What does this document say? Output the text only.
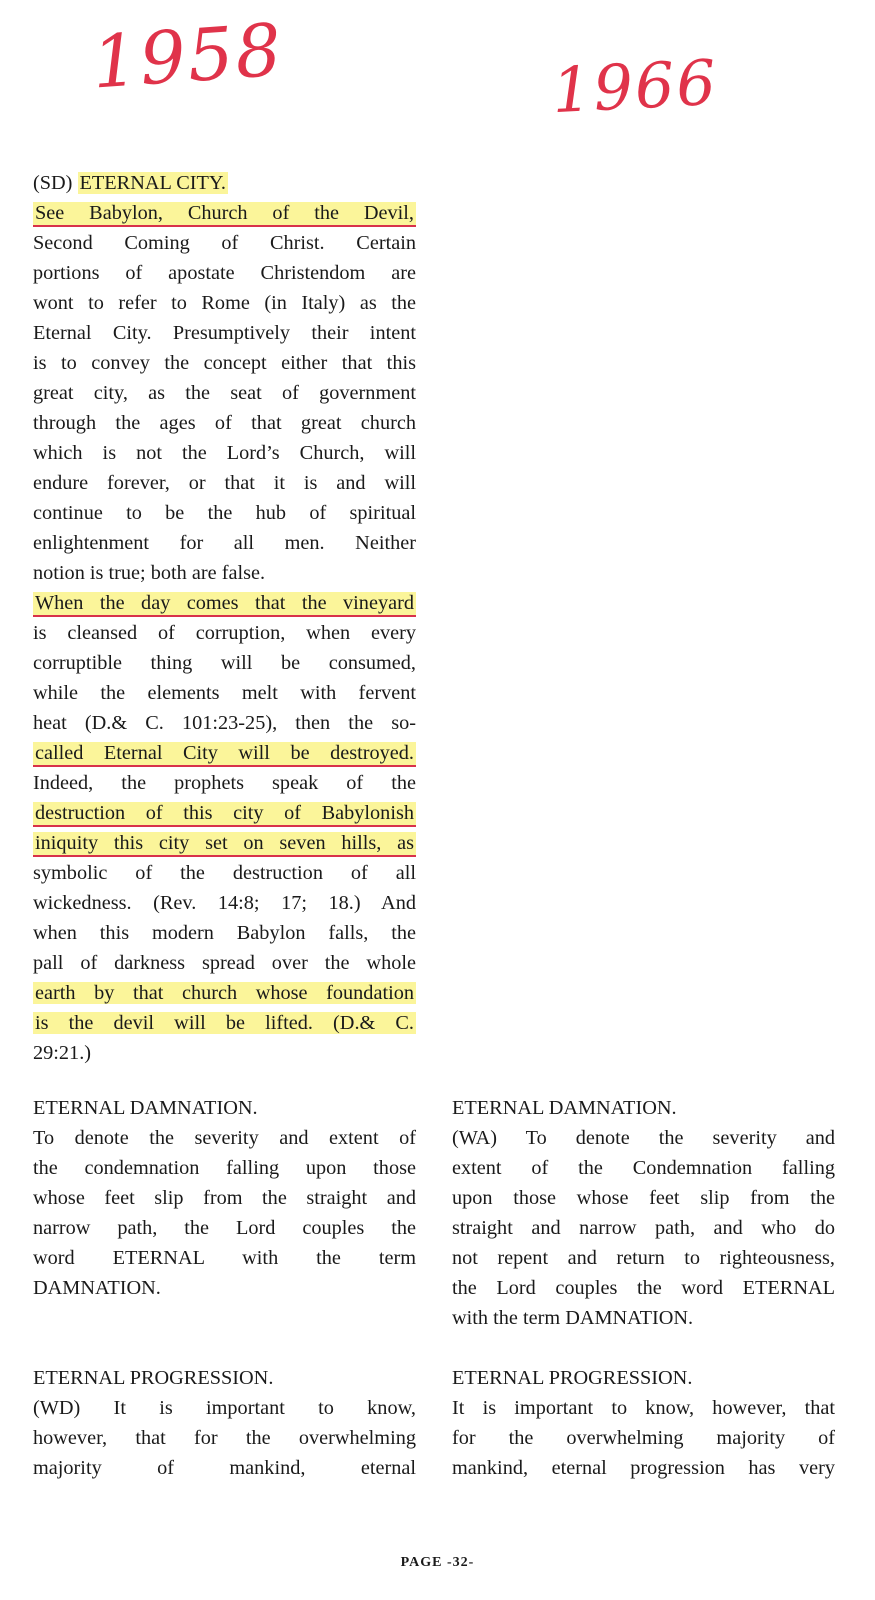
1958	1966
(SD) ETERNAL CITY.
See Babylon, Church of the Devil,
Second Coming of Christ. Certain
portions of apostate Christendom are
wont to refer to Rome (in Italy) as the
Eternal City. Presumptively their intent
is to convey the concept either that this
great city, as the seat of government
through the ages of that great church
which is not the Lord’s Church, will
endure forever, or that it is and will
continue to be the hub of spiritual
enlightenment for all men. Neither
notion is true; both are false.
When the day comes that the vineyard
is cleansed of corruption, when every
corruptible thing will be consumed,
while the elements melt with fervent
heat (D.& C. 101:23-25), then the so-
called Eternal City will be destroyed.
Indeed, the prophets speak of the
destruction of this city of Babylonish
iniquity this city set on seven hills, as
symbolic of the destruction of all
wickedness. (Rev. 14:8; 17; 18.) And
when this modern Babylon falls, the
pall of darkness spread over the whole
earth by that church whose foundation
is the devil will be lifted. (D.& C.
29:21.)
ETERNAL DAMNATION.
To denote the severity and extent of
the condemnation falling upon those
whose feet slip from the straight and
narrow path, the Lord couples the
word ETERNAL with the term
DAMNATION.
ETERNAL DAMNATION.
(WA) To denote the severity and
extent of the Condemnation falling
upon those whose feet slip from the
straight and narrow path, and who do
not repent and return to righteousness,
the Lord couples the word ETERNAL
with the term DAMNATION.
ETERNAL PROGRESSION.
(WD) It is important to know,
however, that for the overwhelming
majority of mankind, eternal
ETERNAL PROGRESSION.
It is important to know, however, that
for the overwhelming majority of
mankind, eternal progression has very
PAGE -32-
